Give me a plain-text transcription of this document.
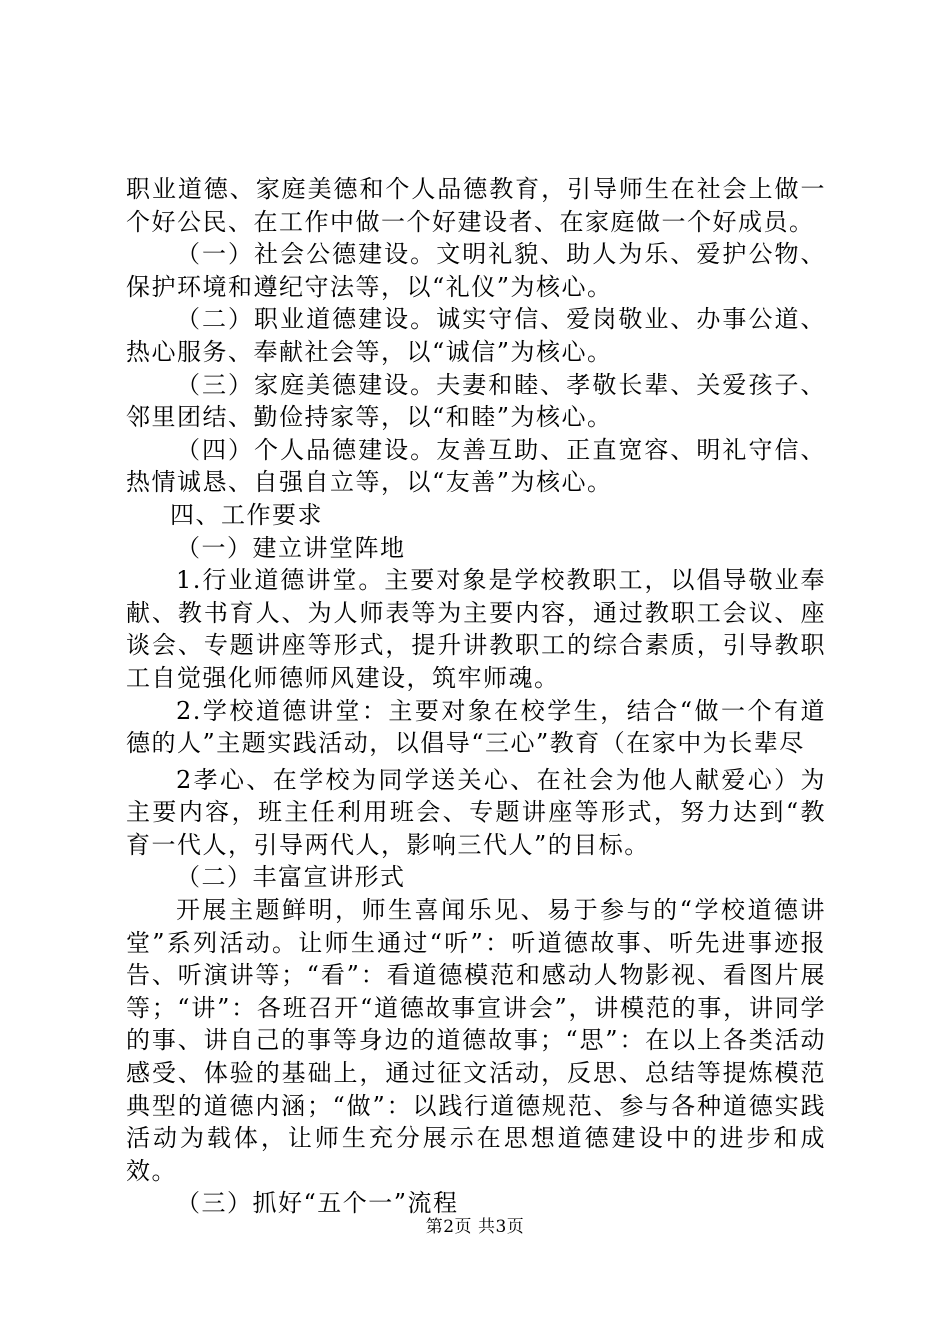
职业道德、家庭美德和个人品德教育，引导师生在社会上做一个好公民、在工作中做一个好建设者、在家庭做一个好成员。

（一）社会公德建设。文明礼貌、助人为乐、爱护公物、保护环境和遵纪守法等，以“礼仪”为核心。

（二）职业道德建设。诚实守信、爱岗敬业、办事公道、热心服务、奉献社会等，以“诚信”为核心。

（三）家庭美德建设。夫妻和睦、孝敬长辈、关爱孩子、邻里团结、勤俭持家等，以“和睦”为核心。

（四）个人品德建设。友善互助、正直宽容、明礼守信、热情诚恳、自强自立等，以“友善”为核心。

四、工作要求

（一）建立讲堂阵地

1.行业道德讲堂。主要对象是学校教职工，以倡导敬业奉献、教书育人、为人师表等为主要内容，通过教职工会议、座谈会、专题讲座等形式，提升讲教职工的综合素质，引导教职工自觉强化师德师风建设，筑牢师魂。

2.学校道德讲堂：主要对象在校学生，结合“做一个有道德的人”主题实践活动，以倡导“三心”教育（在家中为长辈尽

2孝心、在学校为同学送关心、在社会为他人献爱心）为主要内容，班主任利用班会、专题讲座等形式，努力达到“教育一代人，引导两代人，影响三代人”的目标。

（二）丰富宣讲形式

开展主题鲜明，师生喜闻乐见、易于参与的“学校道德讲堂”系列活动。让师生通过“听”：听道德故事、听先进事迹报告、听演讲等；“看”：看道德模范和感动人物影视、看图片展等；“讲”：各班召开“道德故事宣讲会”，讲模范的事，讲同学的事、讲自己的事等身边的道德故事；“思”：在以上各类活动感受、体验的基础上，通过征文活动，反思、总结等提炼模范典型的道德内涵；“做”：以践行道德规范、参与各种道德实践活动为载体，让师生充分展示在思想道德建设中的进步和成效。

（三）抓好“五个一”流程

第2页 共3页
